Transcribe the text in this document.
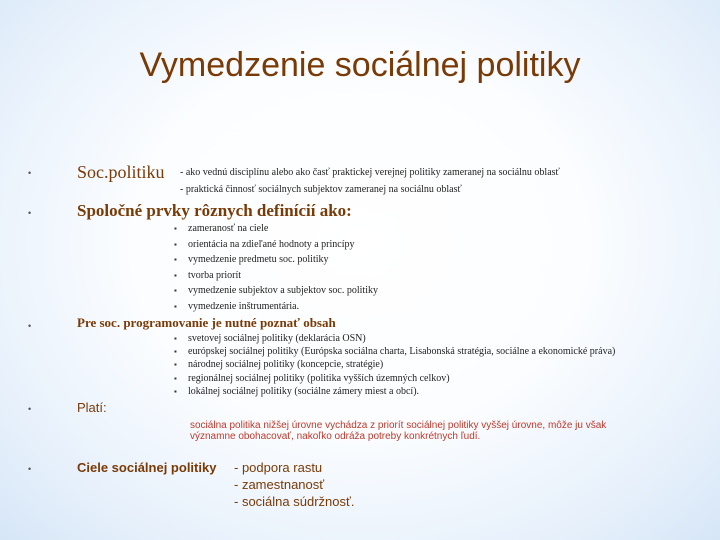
Vymedzenie sociálnej politiky
•	Soc.politiku - ako vednú disciplínu alebo ako časť praktickej verejnej politiky zameranej na sociálnu oblasť
- praktická činnosť sociálnych subjektov zameranej na sociálnu oblasť
•	Spoločné prvky rôznych definícií ako:
▪ zameranosť na ciele
▪ orientácia na zdieľané hodnoty a princípy
▪ vymedzenie predmetu soc. politiky
▪ tvorba priorít
▪ vymedzenie subjektov a subjektov soc. politiky
▪ vymedzenie inštrumentária.
•	Pre soc. programovanie je nutné poznať obsah
▪ svetovej sociálnej politiky (deklarácia OSN)
▪ európskej sociálnej politiky (Európska sociálna charta, Lisabonská stratégia, sociálne a ekonomické práva)
▪ národnej sociálnej politiky (koncepcie, stratégie)
▪ regionálnej sociálnej politiky (politika vyšších územných celkov)
▪ lokálnej sociálnej politiky (sociálne zámery miest a obcí).
•	Platí:
sociálna politika nižšej úrovne vychádza z priorít sociálnej politiky vyššej úrovne, môže ju však
významne obohacovať, nakoľko odráža potreby konkrétnych ľudí.
•	Ciele sociálnej politiky - podpora rastu
- zamestnanosť
- sociálna súdržnosť.
